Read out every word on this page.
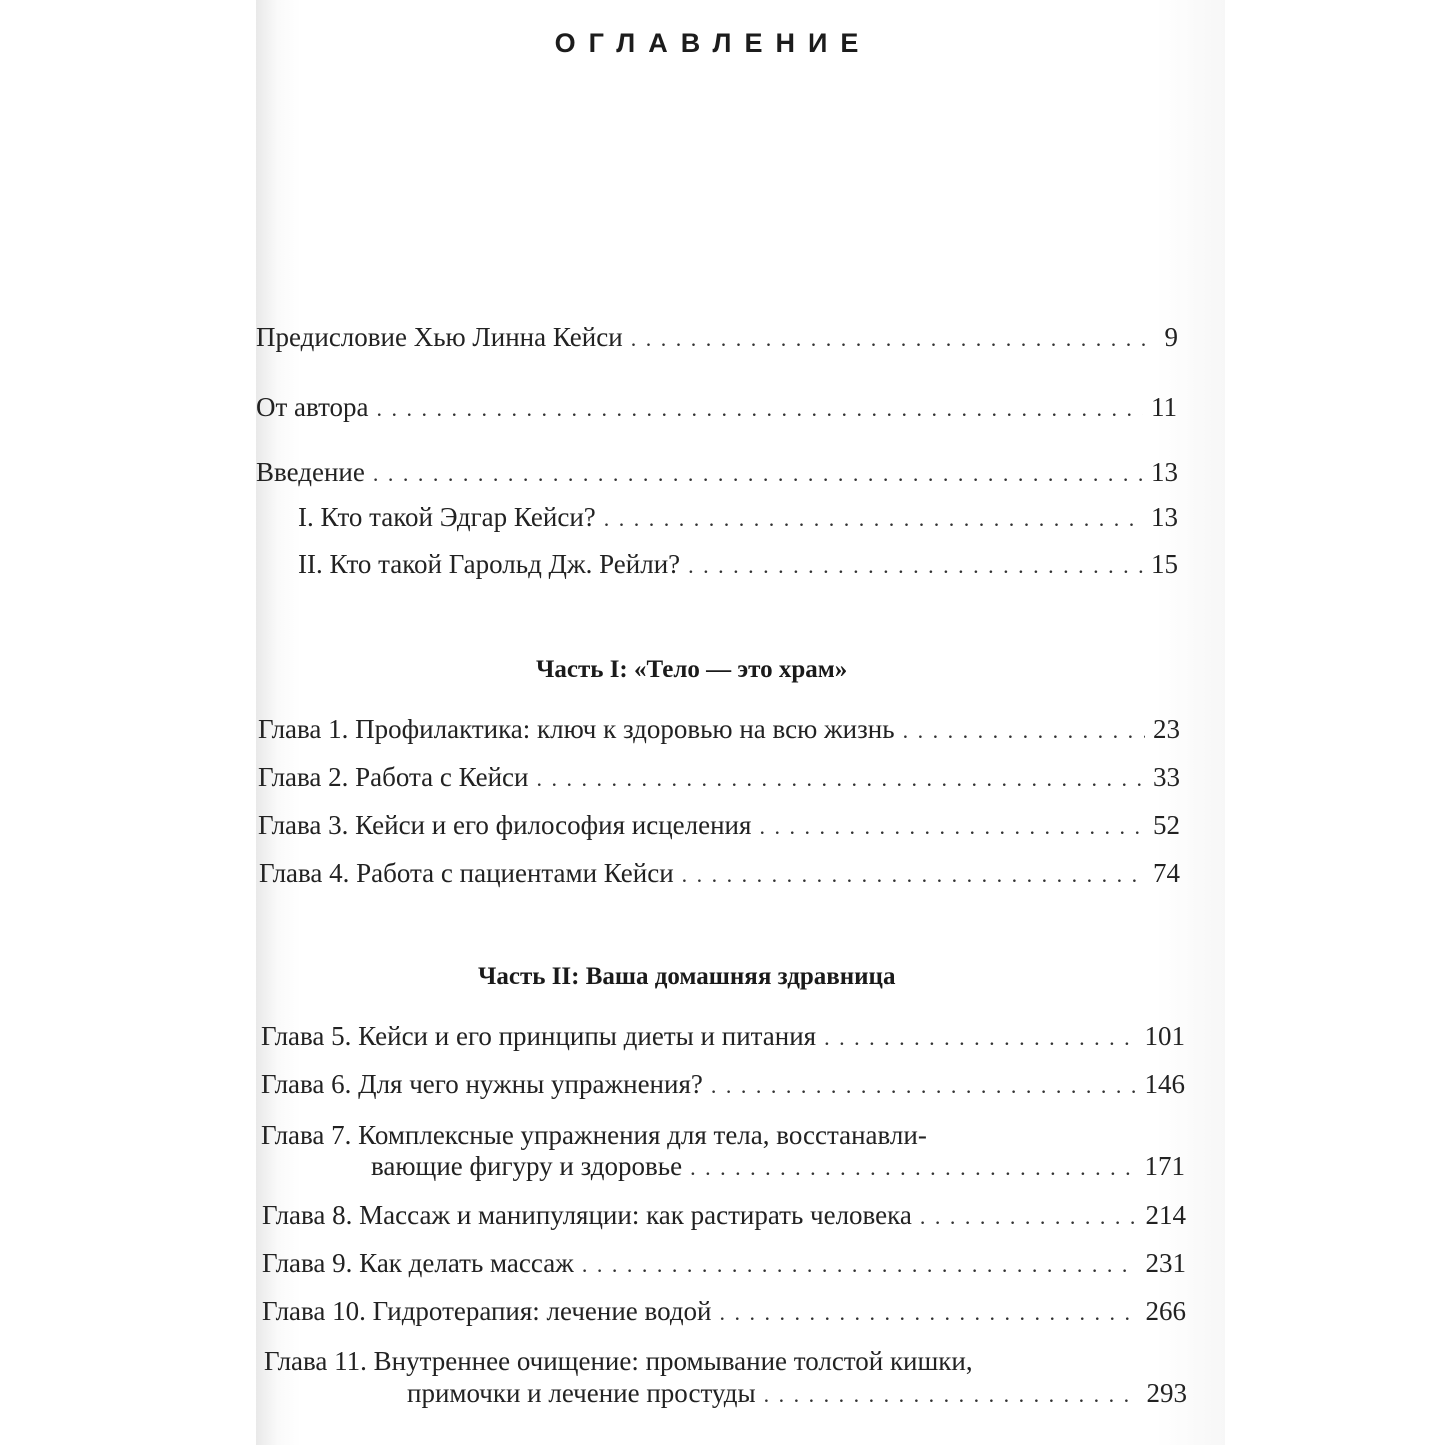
ОГЛАВЛЕНИЕ
Предисловие Хью Линна Кейси . . .	9
От автора . . .	11
Введение . . .	13
I. Кто такой Эдгар Кейси? . . .	13
II. Кто такой Гарольд Дж. Рейли? . . .	15
Часть I: «Тело — это храм»
Глава 1. Профилактика: ключ к здоровью на всю жизнь . . .	23
Глава 2. Работа с Кейси . . .	33
Глава 3. Кейси и его философия исцеления . . .	52
Глава 4. Работа с пациентами Кейси . . .	74
Часть II: Ваша домашняя здравница
Глава 5. Кейси и его принципы диеты и питания . . .	101
Глава 6. Для чего нужны упражнения? . . .	146
Глава 7. Комплексные упражнения для тела, восстанавли-
вающие фигуру и здоровье . . .	171
Глава 8. Массаж и манипуляции: как растирать человека . . .	214
Глава 9. Как делать массаж . . .	231
Глава 10. Гидротерапия: лечение водой . . .	266
Глава 11. Внутреннее очищение: промывание толстой кишки,
примочки и лечение простуды . . .	293
